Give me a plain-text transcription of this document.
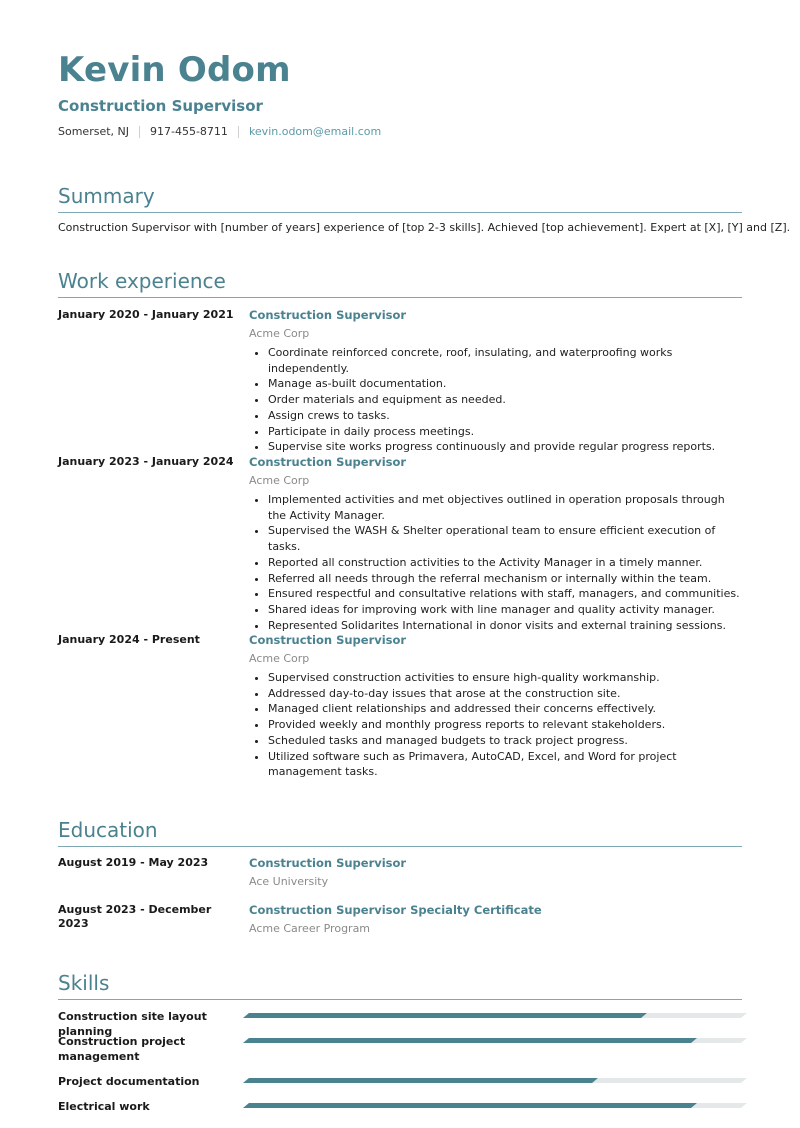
Kevin Odom
Construction Supervisor
Somerset, NJ 917-455-8711 kevin.odom@email.com
Summary
Construction Supervisor with [number of years] experience of [top 2-3 skills]. Achieved [top achievement]. Expert at [X], [Y] and [Z].
Work experience
January 2020 - January 2021	Construction Supervisor
Acme Corp
• Coordinate reinforced concrete, roof, insulating, and waterproofing works independently.
• Manage as-built documentation.
• Order materials and equipment as needed.
• Assign crews to tasks.
• Participate in daily process meetings.
• Supervise site works progress continuously and provide regular progress reports.
January 2023 - January 2024	Construction Supervisor
Acme Corp
• Implemented activities and met objectives outlined in operation proposals through the Activity Manager.
• Supervised the WASH & Shelter operational team to ensure efficient execution of tasks.
• Reported all construction activities to the Activity Manager in a timely manner.
• Referred all needs through the referral mechanism or internally within the team.
• Ensured respectful and consultative relations with staff, managers, and communities.
• Shared ideas for improving work with line manager and quality activity manager.
• Represented Solidarites International in donor visits and external training sessions.
January 2024 - Present	Construction Supervisor
Acme Corp
• Supervised construction activities to ensure high-quality workmanship.
• Addressed day-to-day issues that arose at the construction site.
• Managed client relationships and addressed their concerns effectively.
• Provided weekly and monthly progress reports to relevant stakeholders.
• Scheduled tasks and managed budgets to track project progress.
• Utilized software such as Primavera, AutoCAD, Excel, and Word for project management tasks.
Education
August 2019 - May 2023	Construction Supervisor
Ace University
August 2023 - December 2023
Construction Supervisor Specialty Certificate
Acme Career Program
Skills
Construction site layout planning
Construction project management
Project documentation
Electrical work
